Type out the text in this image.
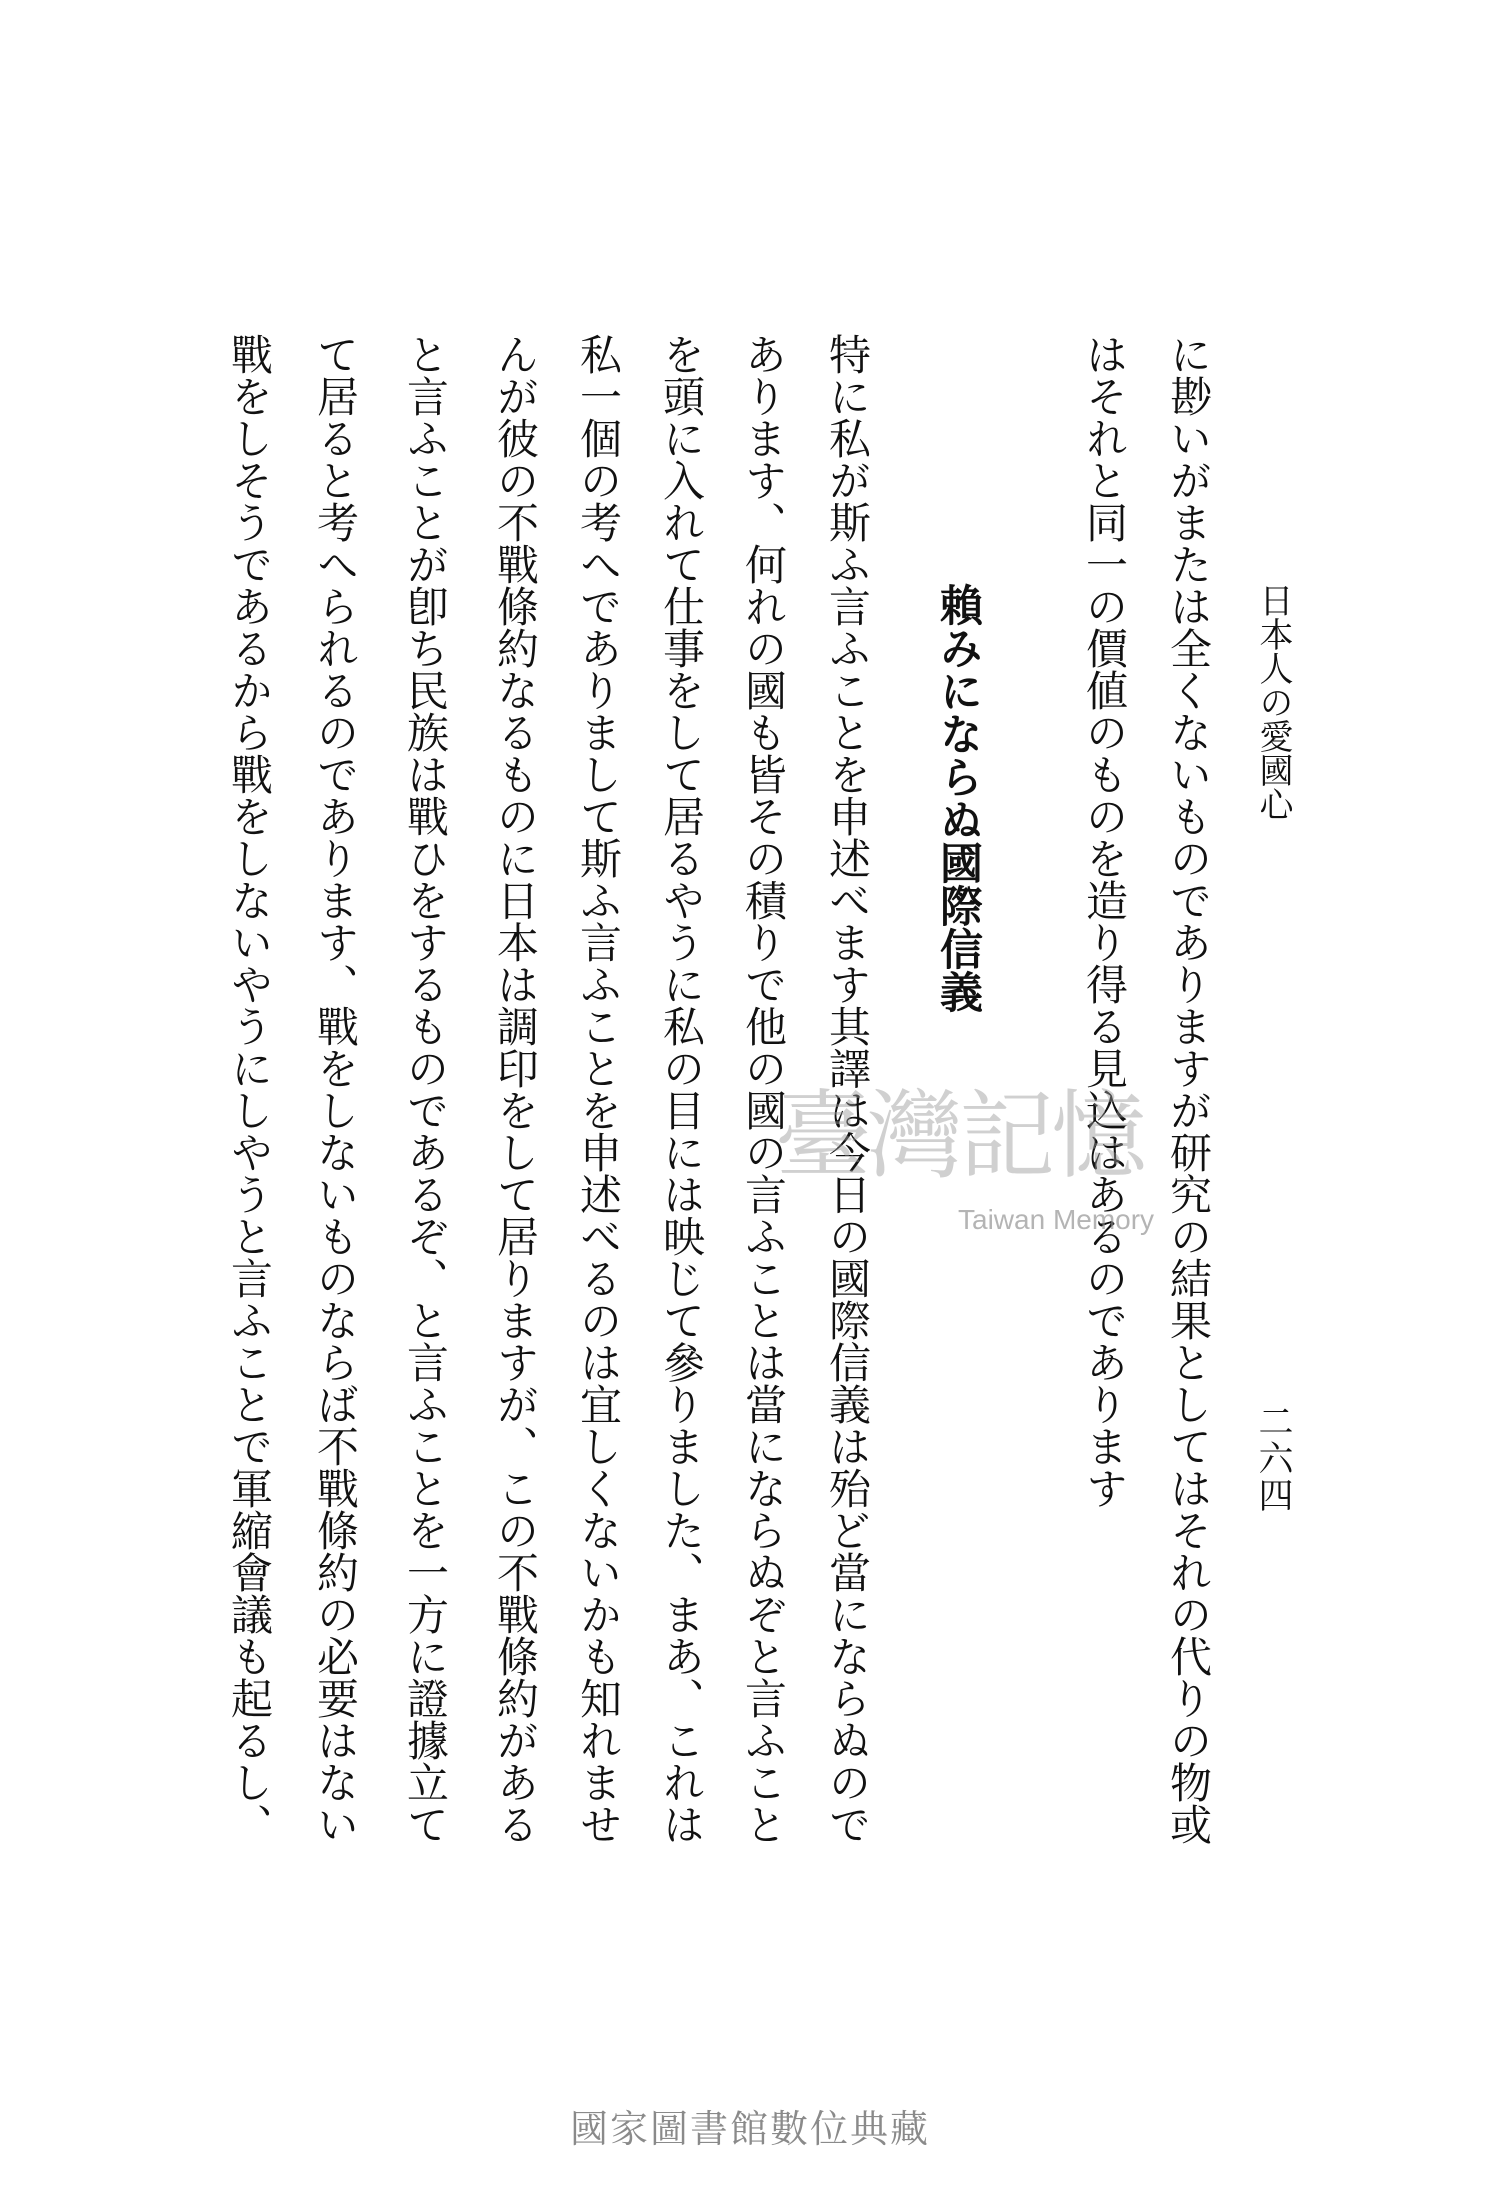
日本人の愛國心
二六四
に尠いがまたは全くないものでありますが研究の結果としてはそれの代りの物或
はそれと同一の價値のものを造り得る見込はあるのであります
賴みにならぬ國際信義
特に私が斯ふ言ふことを申述べます其譯は今日の國際信義は殆ど當にならぬので
あります、何れの國も皆その積りで他の國の言ふことは當にならぬぞと言ふこと
を頭に入れて仕事をして居るやうに私の目には映じて參りました、まあ、これは
私一個の考へでありまして斯ふ言ふことを申述べるのは宜しくないかも知れませ
んが彼の不戰條約なるものに日本は調印をして居りますが、この不戰條約がある
と言ふことが卽ち民族は戰ひをするものであるぞ、と言ふことを一方に證據立て
て居ると考へられるのであります、戰をしないものならば不戰條約の必要はない
戰をしそうであるから戰をしないやうにしやうと言ふことで軍縮會議も起るし、	臺灣記憶
Taiwan Memory
國家圖書館數位典藏
